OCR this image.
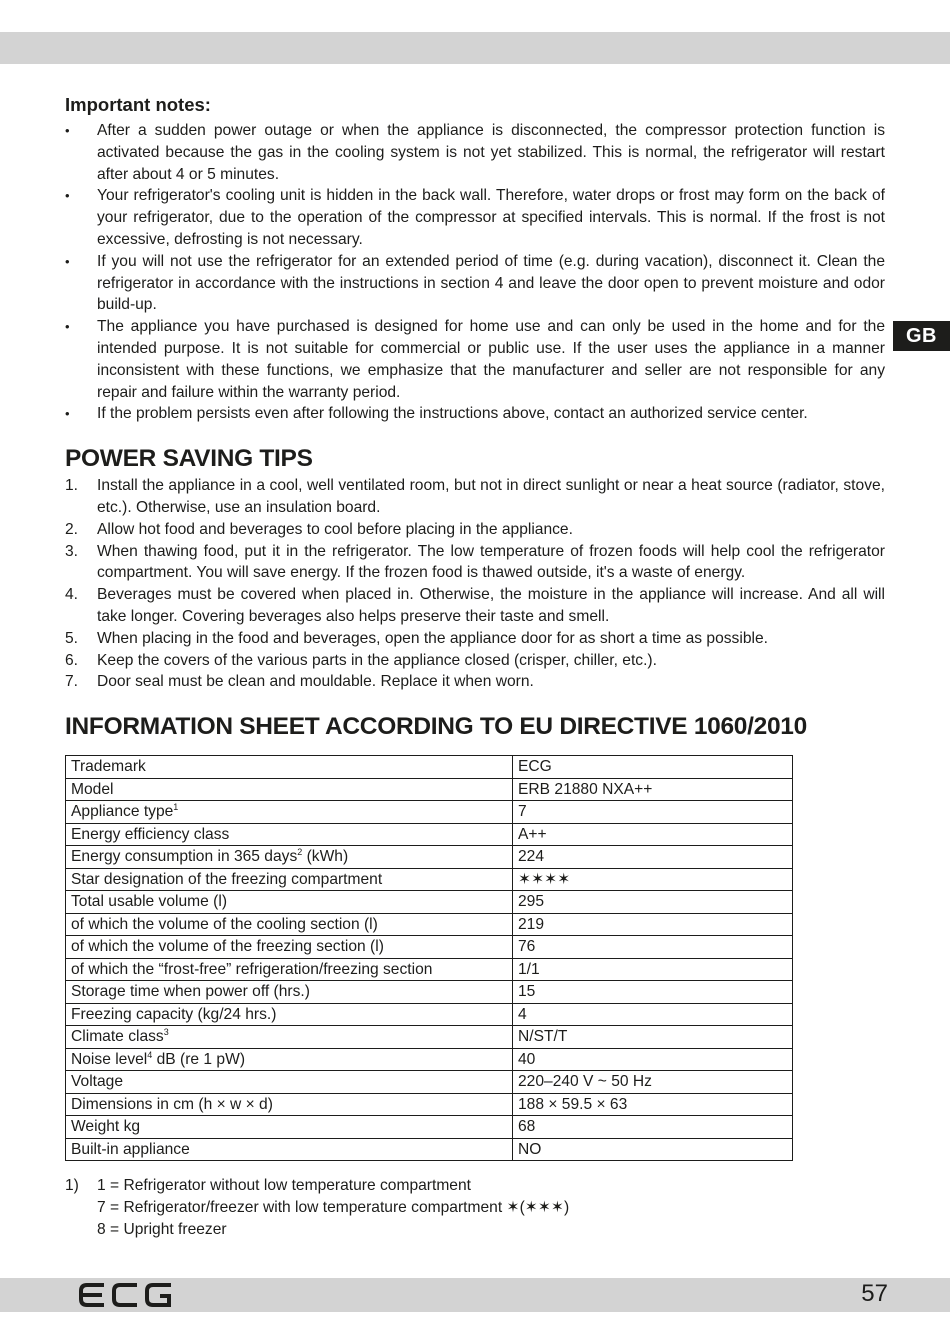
GB
Important notes:
•	After a sudden power outage or when the appliance is disconnected, the compressor protection function is activated because the gas in the cooling system is not yet stabilized. This is normal, the refrigerator will restart after about 4 or 5 minutes.
•	Your refrigerator's cooling unit is hidden in the back wall. Therefore, water drops or frost may form on the back of your refrigerator, due to the operation of the compressor at specified intervals. This is normal. If the frost is not excessive, defrosting is not necessary.
•	If you will not use the refrigerator for an extended period of time (e.g. during vacation), disconnect it. Clean the refrigerator in accordance with the instructions in section 4 and leave the door open to prevent moisture and odor build-up.
•	The appliance you have purchased is designed for home use and can only be used in the home and for the intended purpose. It is not suitable for commercial or public use. If the user uses the appliance in a manner inconsistent with these functions, we emphasize that the manufacturer and seller are not responsible for any repair and failure within the warranty period.
•	If the problem persists even after following the instructions above, contact an authorized service center.
POWER SAVING TIPS
1.	Install the appliance in a cool, well ventilated room, but not in direct sunlight or near a heat source (radiator, stove, etc.). Otherwise, use an insulation board.
2.	Allow hot food and beverages to cool before placing in the appliance.
3.	When thawing food, put it in the refrigerator. The low temperature of frozen foods will help cool the refrigerator compartment. You will save energy. If the frozen food is thawed outside, it's a waste of energy.
4.	Beverages must be covered when placed in. Otherwise, the moisture in the appliance will increase. And all will take longer. Covering beverages also helps preserve their taste and smell.
5.	When placing in the food and beverages, open the appliance door for as short a time as possible.
6.	Keep the covers of the various parts in the appliance closed (crisper, chiller, etc.).
7.	Door seal must be clean and mouldable. Replace it when worn.
INFORMATION SHEET ACCORDING TO EU DIRECTIVE 1060/2010
Trademark	ECG
Model	ERB 21880 NXA++
Appliance type$^1$	7
Energy efficiency class	A++
Energy consumption in 365 days$^2$ (kWh)	224
Star designation of the freezing compartment	✶✶✶✶
Total usable volume (l)	295
of which the volume of the cooling section (l)	219
of which the volume of the freezing section (l)	76
of which the “frost-free” refrigeration/freezing section	1/1
Storage time when power off (hrs.)	15
Freezing capacity (kg/24 hrs.)	4
Climate class$^3$	N/ST/T
Noise level$^4$ dB (re 1 pW)	40
Voltage	220–240 V ~ 50 Hz
Dimensions in cm (h × w × d)	188 × 59.5 × 63
Weight kg	68
Built-in appliance	NO
1)	1 = Refrigerator without low temperature compartment
7 = Refrigerator/freezer with low temperature compartment ✶(✶✶✶)
8 = Upright freezer
57
